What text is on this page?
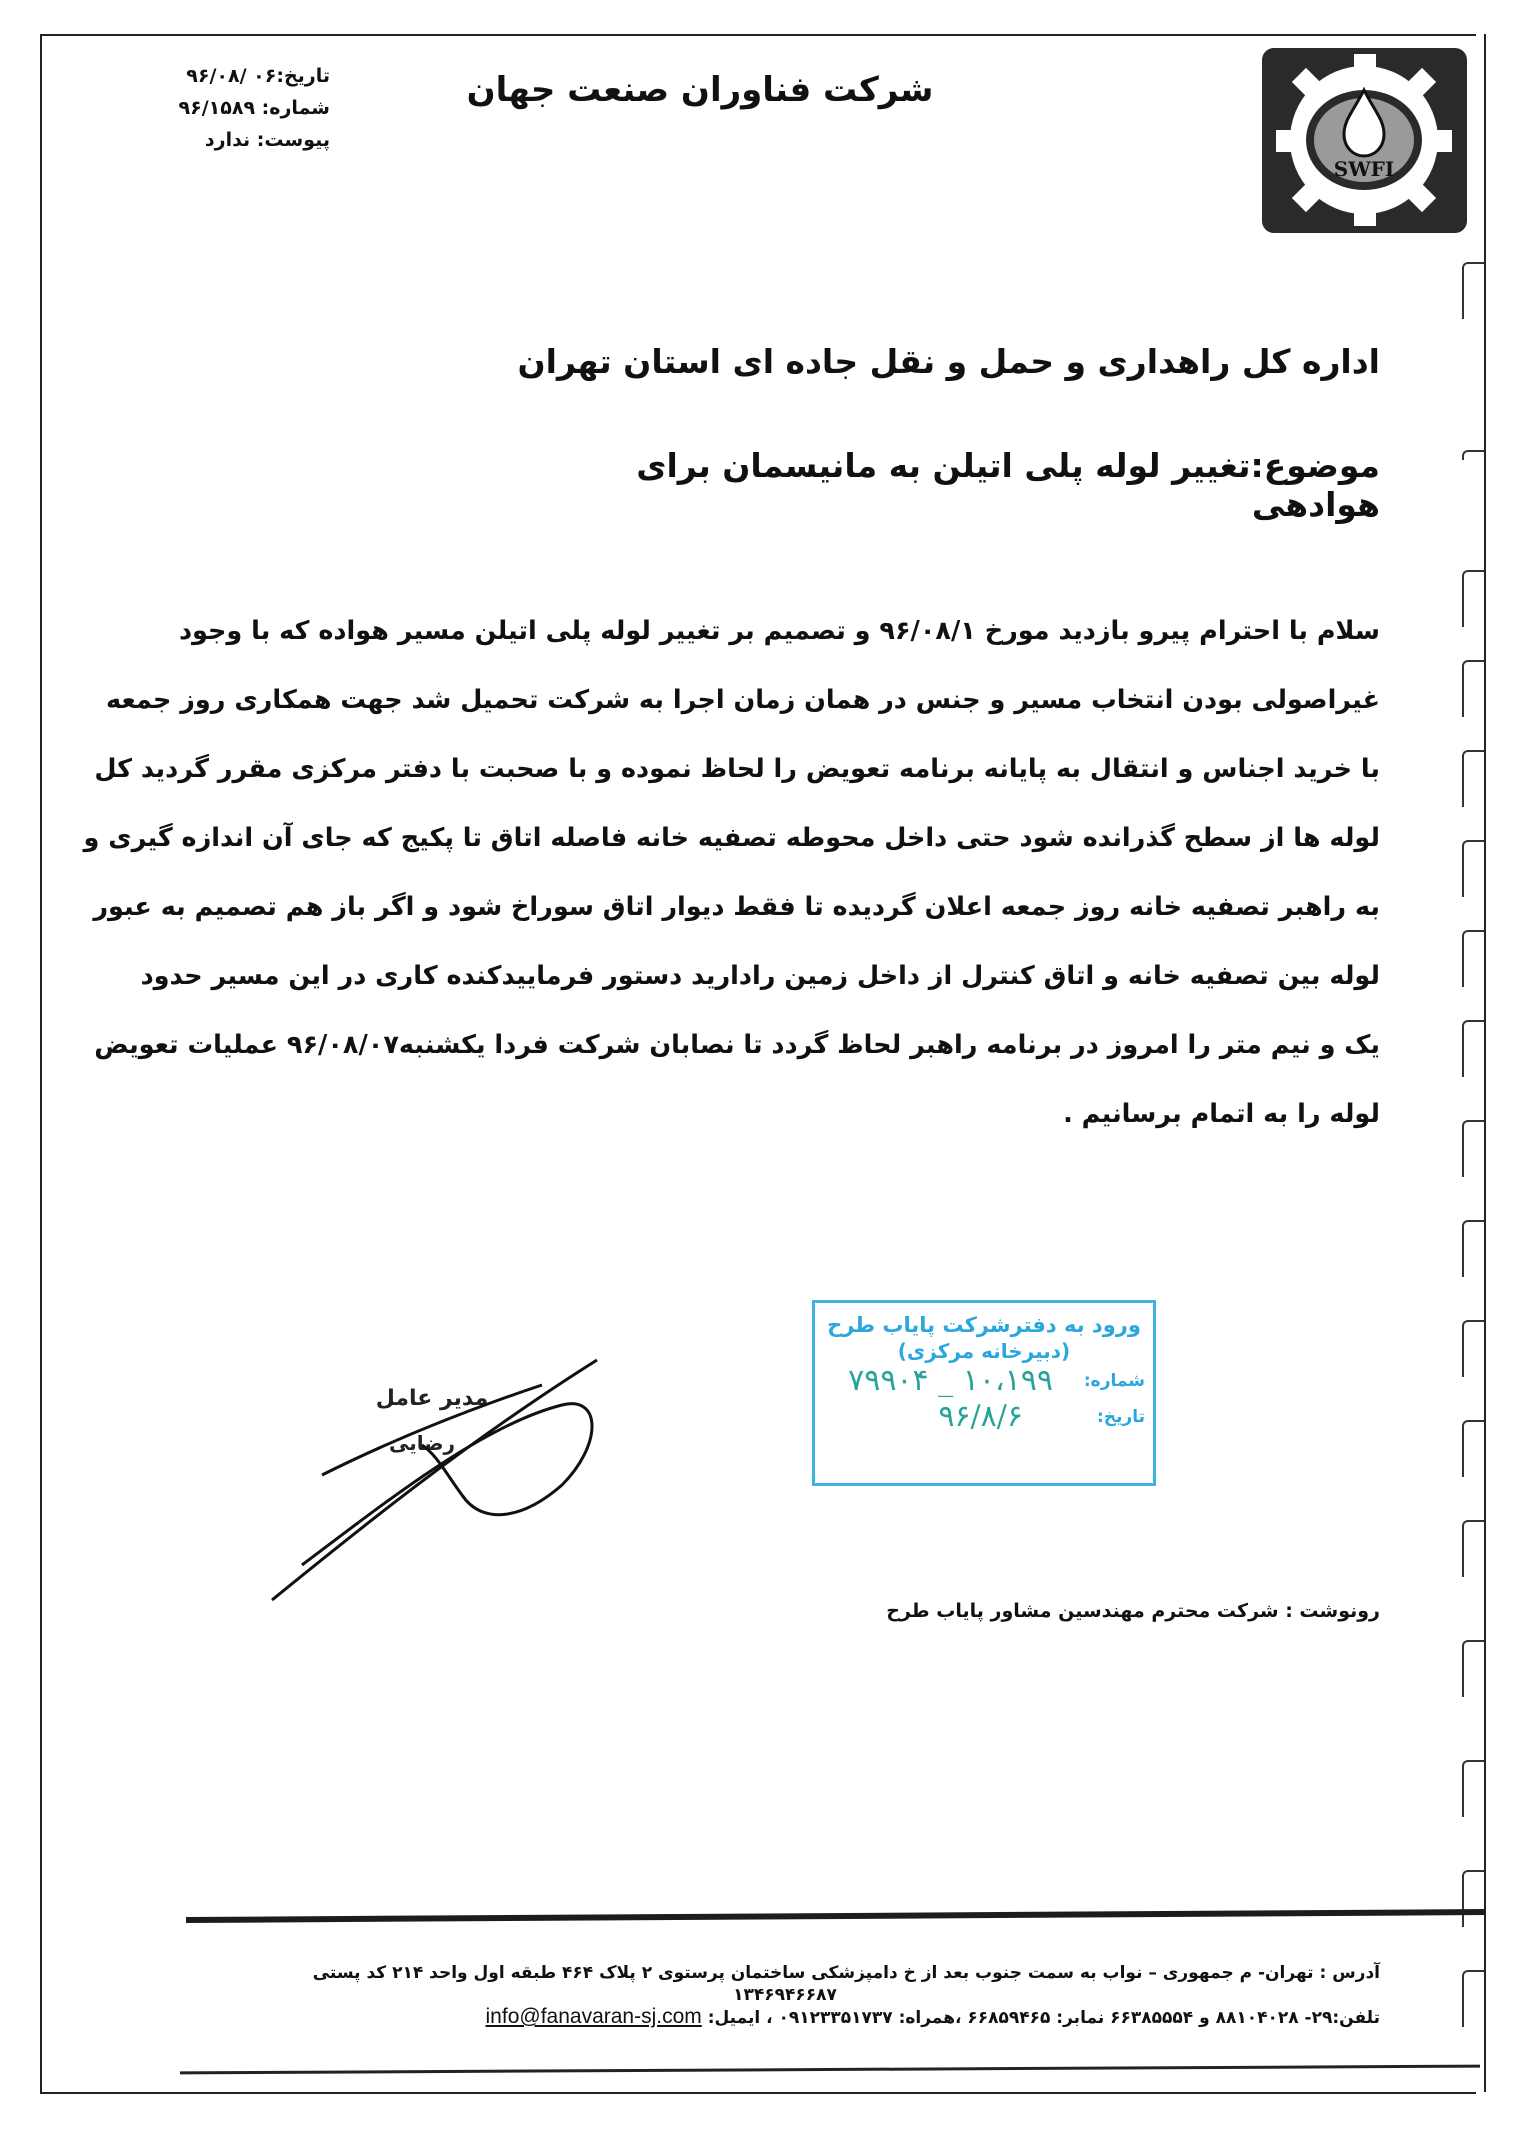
تاریخ:۰۶ /۹۶/۰۸
شماره: ۹۶/۱۵۸۹
پیوست: ندارد
شرکت فناوران صنعت جهان
SWFI
اداره کل راهداری و حمل و نقل جاده ای استان تهران
موضوع:تغییر لوله پلی اتیلن به مانیسمان برای هوادهی
سلام با احترام پیرو بازدید مورخ ۹۶/۰۸/۱ و تصمیم بر تغییر لوله پلی اتیلن مسیر هواده که با وجود
غیراصولی بودن انتخاب مسیر و جنس در همان زمان اجرا به شرکت تحمیل شد جهت همکاری روز جمعه
با خرید اجناس و انتقال به پایانه برنامه تعویض را لحاظ نموده و با صحبت با دفتر مرکزی مقرر گردید کل
لوله ها از سطح گذرانده شود حتی داخل محوطه تصفیه خانه فاصله اتاق تا پکیج که جای آن اندازه گیری و
به راهبر تصفیه خانه روز جمعه اعلان گردیده تا فقط دیوار اتاق سوراخ شود و اگر باز هم تصمیم به عبور
لوله بین تصفیه خانه و اتاق کنترل از داخل زمین رادارید دستور فرماییدکنده کاری در این مسیر حدود
یک و نیم متر را امروز در برنامه راهبر لحاظ گردد تا نصابان شرکت فردا یکشنبه۹۶/۰۸/۰۷ عملیات تعویض
لوله را به اتمام برسانیم .
ورود به دفترشرکت پایاب طرح
(دبیرخانه مرکزی)
شماره:
۱۰،۱۹۹ _ ۷۹۹۰۴
تاریخ:
۹۶/۸/۶
مدیر عامل
رضایی
رونوشت : شرکت محترم مهندسین مشاور پایاب طرح
آدرس : تهران- م جمهوری – نواب به سمت جنوب بعد از خ دامپزشکی ساختمان پرستوی ۲ پلاک ۴۶۴ طبقه اول واحد ۲۱۴ کد پستی
۱۳۴۶۹۴۶۶۸۷
تلفن:۲۹- ۸۸۱۰۴۰۲۸ و ۶۶۳۸۵۵۵۴ نمابر: ۶۶۸۵۹۴۶۵ ،همراه: ۰۹۱۲۳۳۵۱۷۳۷ ، ایمیل: info@fanavaran-sj.com
